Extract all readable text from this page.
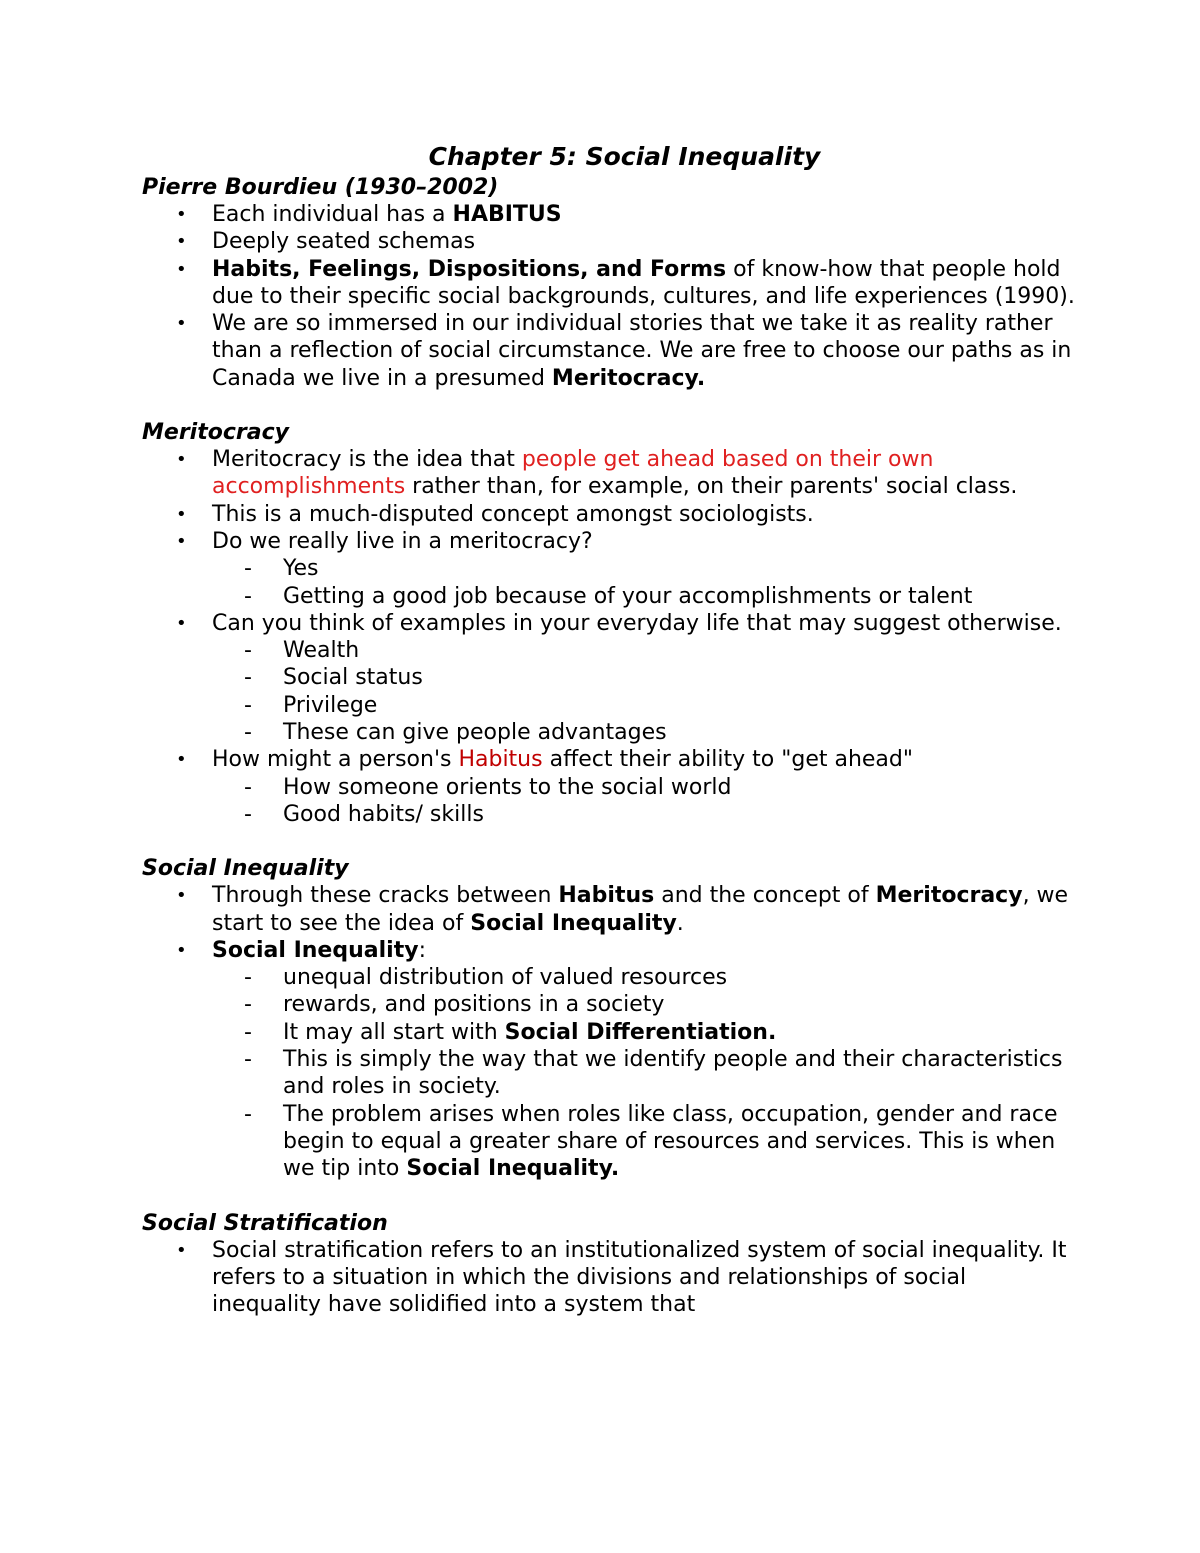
Chapter 5: Social Inequality
Pierre Bourdieu (1930–2002)
• Each individual has a HABITUS
• Deeply seated schemas
• Habits, Feelings, Dispositions, and Forms of know-how that people hold due to their specific social backgrounds, cultures, and life experiences (1990).
• We are so immersed in our individual stories that we take it as reality rather than a reflection of social circumstance. We are free to choose our paths as in Canada we live in a presumed Meritocracy.
Meritocracy
• Meritocracy is the idea that people get ahead based on their own accomplishments rather than, for example, on their parents' social class.
• This is a much-disputed concept amongst sociologists.
• Do we really live in a meritocracy?
- Yes
- Getting a good job because of your accomplishments or talent
• Can you think of examples in your everyday life that may suggest otherwise.
- Wealth
- Social status
- Privilege
- These can give people advantages
• How might a person's Habitus affect their ability to "get ahead"
- How someone orients to the social world
- Good habits/ skills
Social Inequality
• Through these cracks between Habitus and the concept of Meritocracy, we start to see the idea of Social Inequality.
• Social Inequality:
- unequal distribution of valued resources
- rewards, and positions in a society
- It may all start with Social Differentiation.
- This is simply the way that we identify people and their characteristics and roles in society.
- The problem arises when roles like class, occupation, gender and race begin to equal a greater share of resources and services. This is when we tip into Social Inequality.
Social Stratification
• Social stratification refers to an institutionalized system of social inequality. It refers to a situation in which the divisions and relationships of social inequality have solidified into a system that
